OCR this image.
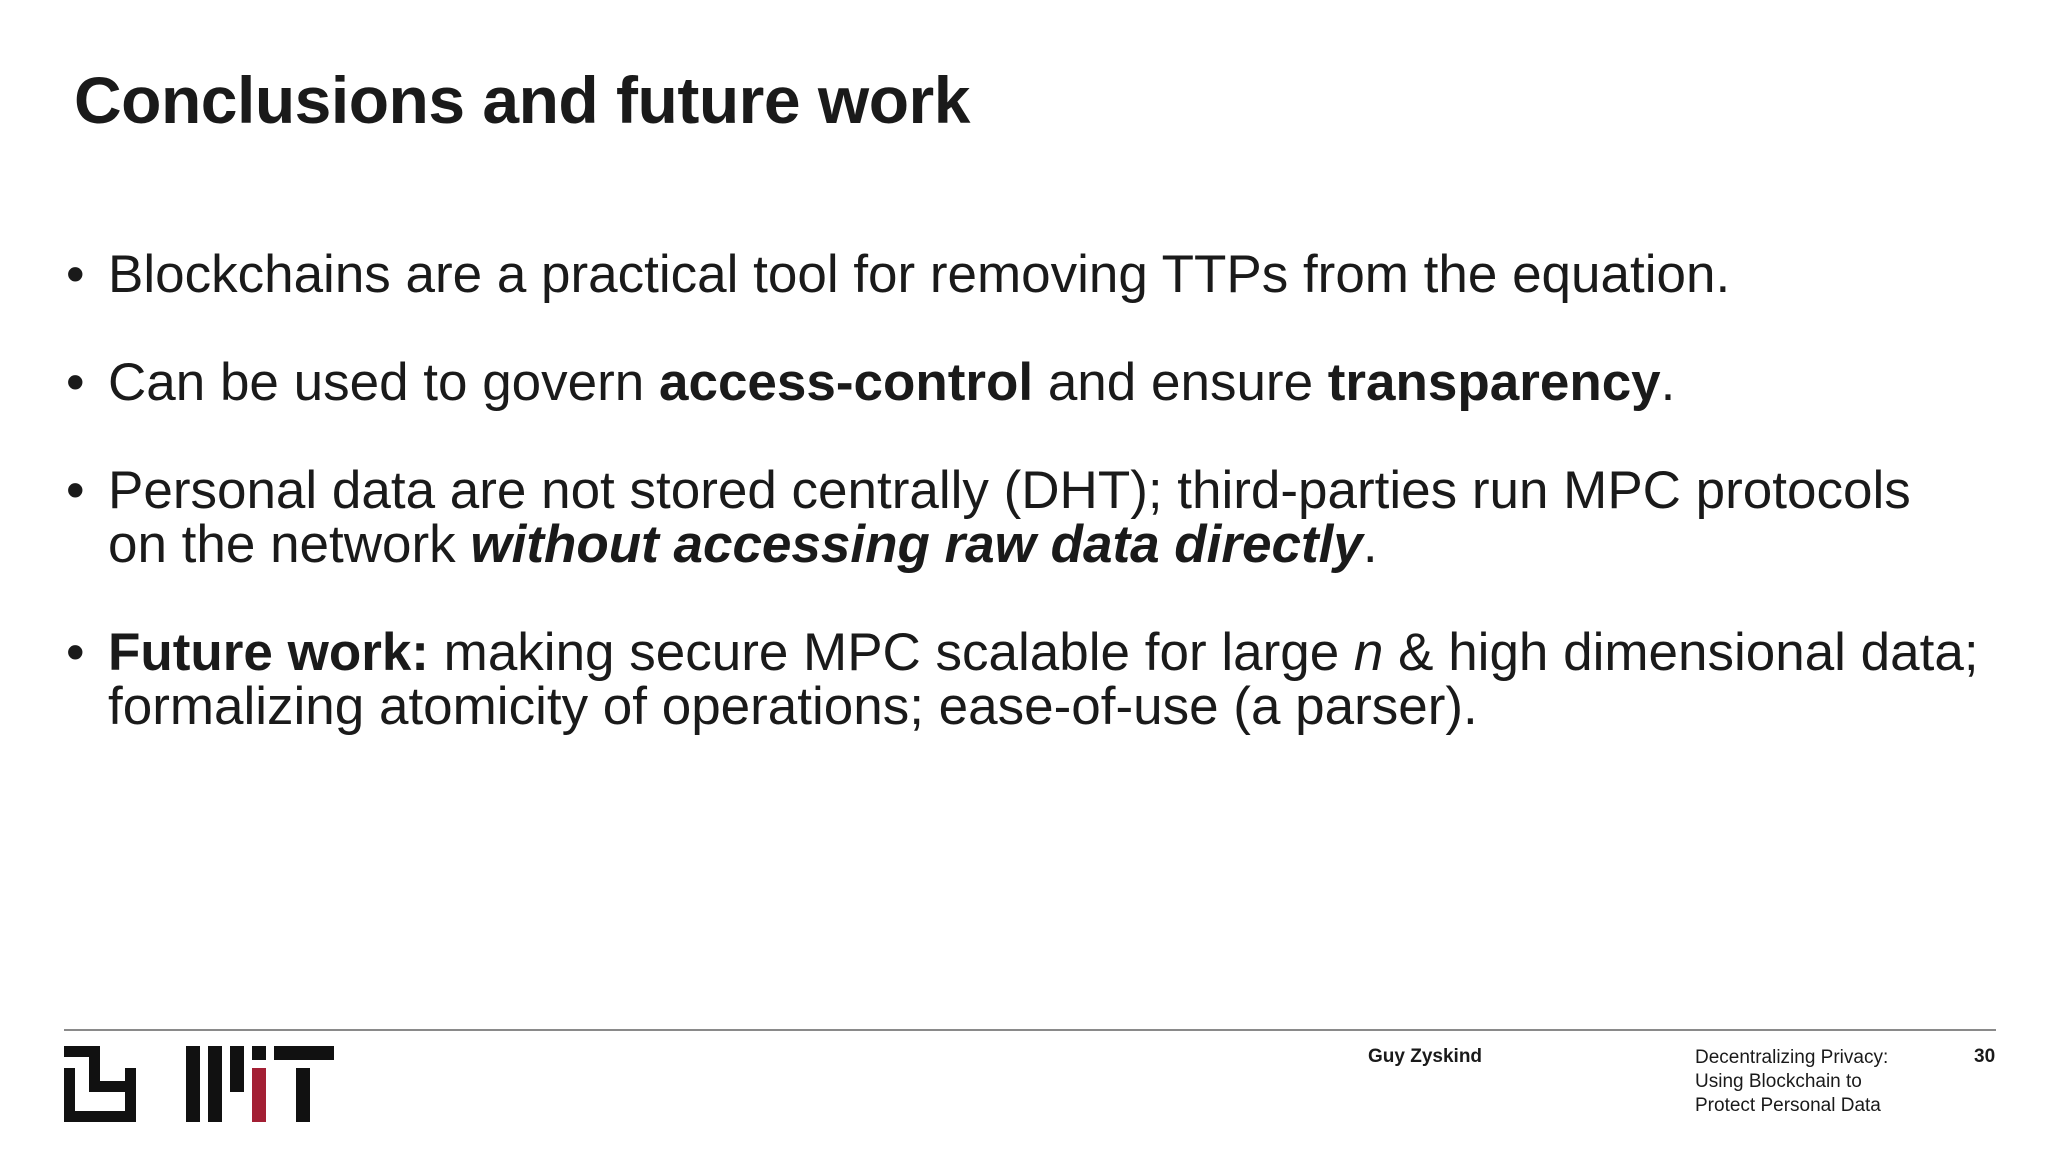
Conclusions and future work
• Blockchains are a practical tool for removing TTPs from the equation.
• Can be used to govern access-control and ensure transparency.
• Personal data are not stored centrally (DHT); third-parties run MPC protocols
on the network without accessing raw data directly.
• Future work: making secure MPC scalable for large n & high dimensional data;
formalizing atomicity of operations; ease-of-use (a parser).
Guy Zyskind	Decentralizing Privacy:
Using Blockchain to
Protect Personal Data
30
